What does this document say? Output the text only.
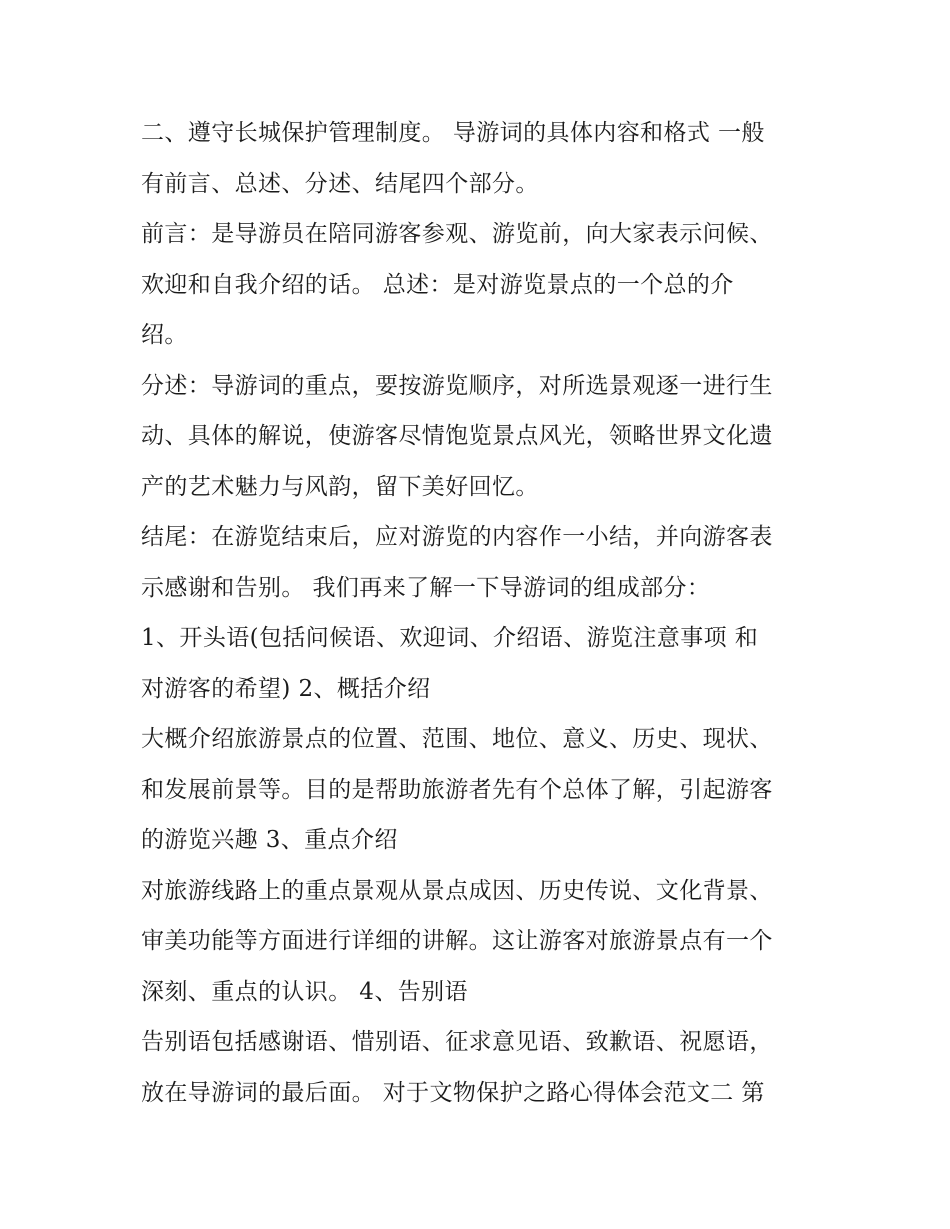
二、遵守长城保护管理制度。 导游词的具体内容和格式 一般
有前言、总述、分述、结尾四个部分。
前言：是导游员在陪同游客参观、游览前，向大家表示问候、
欢迎和自我介绍的话。 总述：是对游览景点的一个总的介
绍。
分述：导游词的重点，要按游览顺序，对所选景观逐一进行生
动、具体的解说，使游客尽情饱览景点风光，领略世界文化遗
产的艺术魅力与风韵，留下美好回忆。
结尾：在游览结束后，应对游览的内容作一小结，并向游客表
示感谢和告别。 我们再来了解一下导游词的组成部分：
1、开头语(包括问候语、欢迎词、介绍语、游览注意事项 和
对游客的希望) 2、概括介绍
大概介绍旅游景点的位置、范围、地位、意义、历史、现状、
和发展前景等。目的是帮助旅游者先有个总体了解，引起游客
的游览兴趣 3、重点介绍
对旅游线路上的重点景观从景点成因、历史传说、文化背景、
审美功能等方面进行详细的讲解。这让游客对旅游景点有一个
深刻、重点的认识。 4、告别语
告别语包括感谢语、惜别语、征求意见语、致歉语、祝愿语，
放在导游词的最后面。 对于文物保护之路心得体会范文二 第
